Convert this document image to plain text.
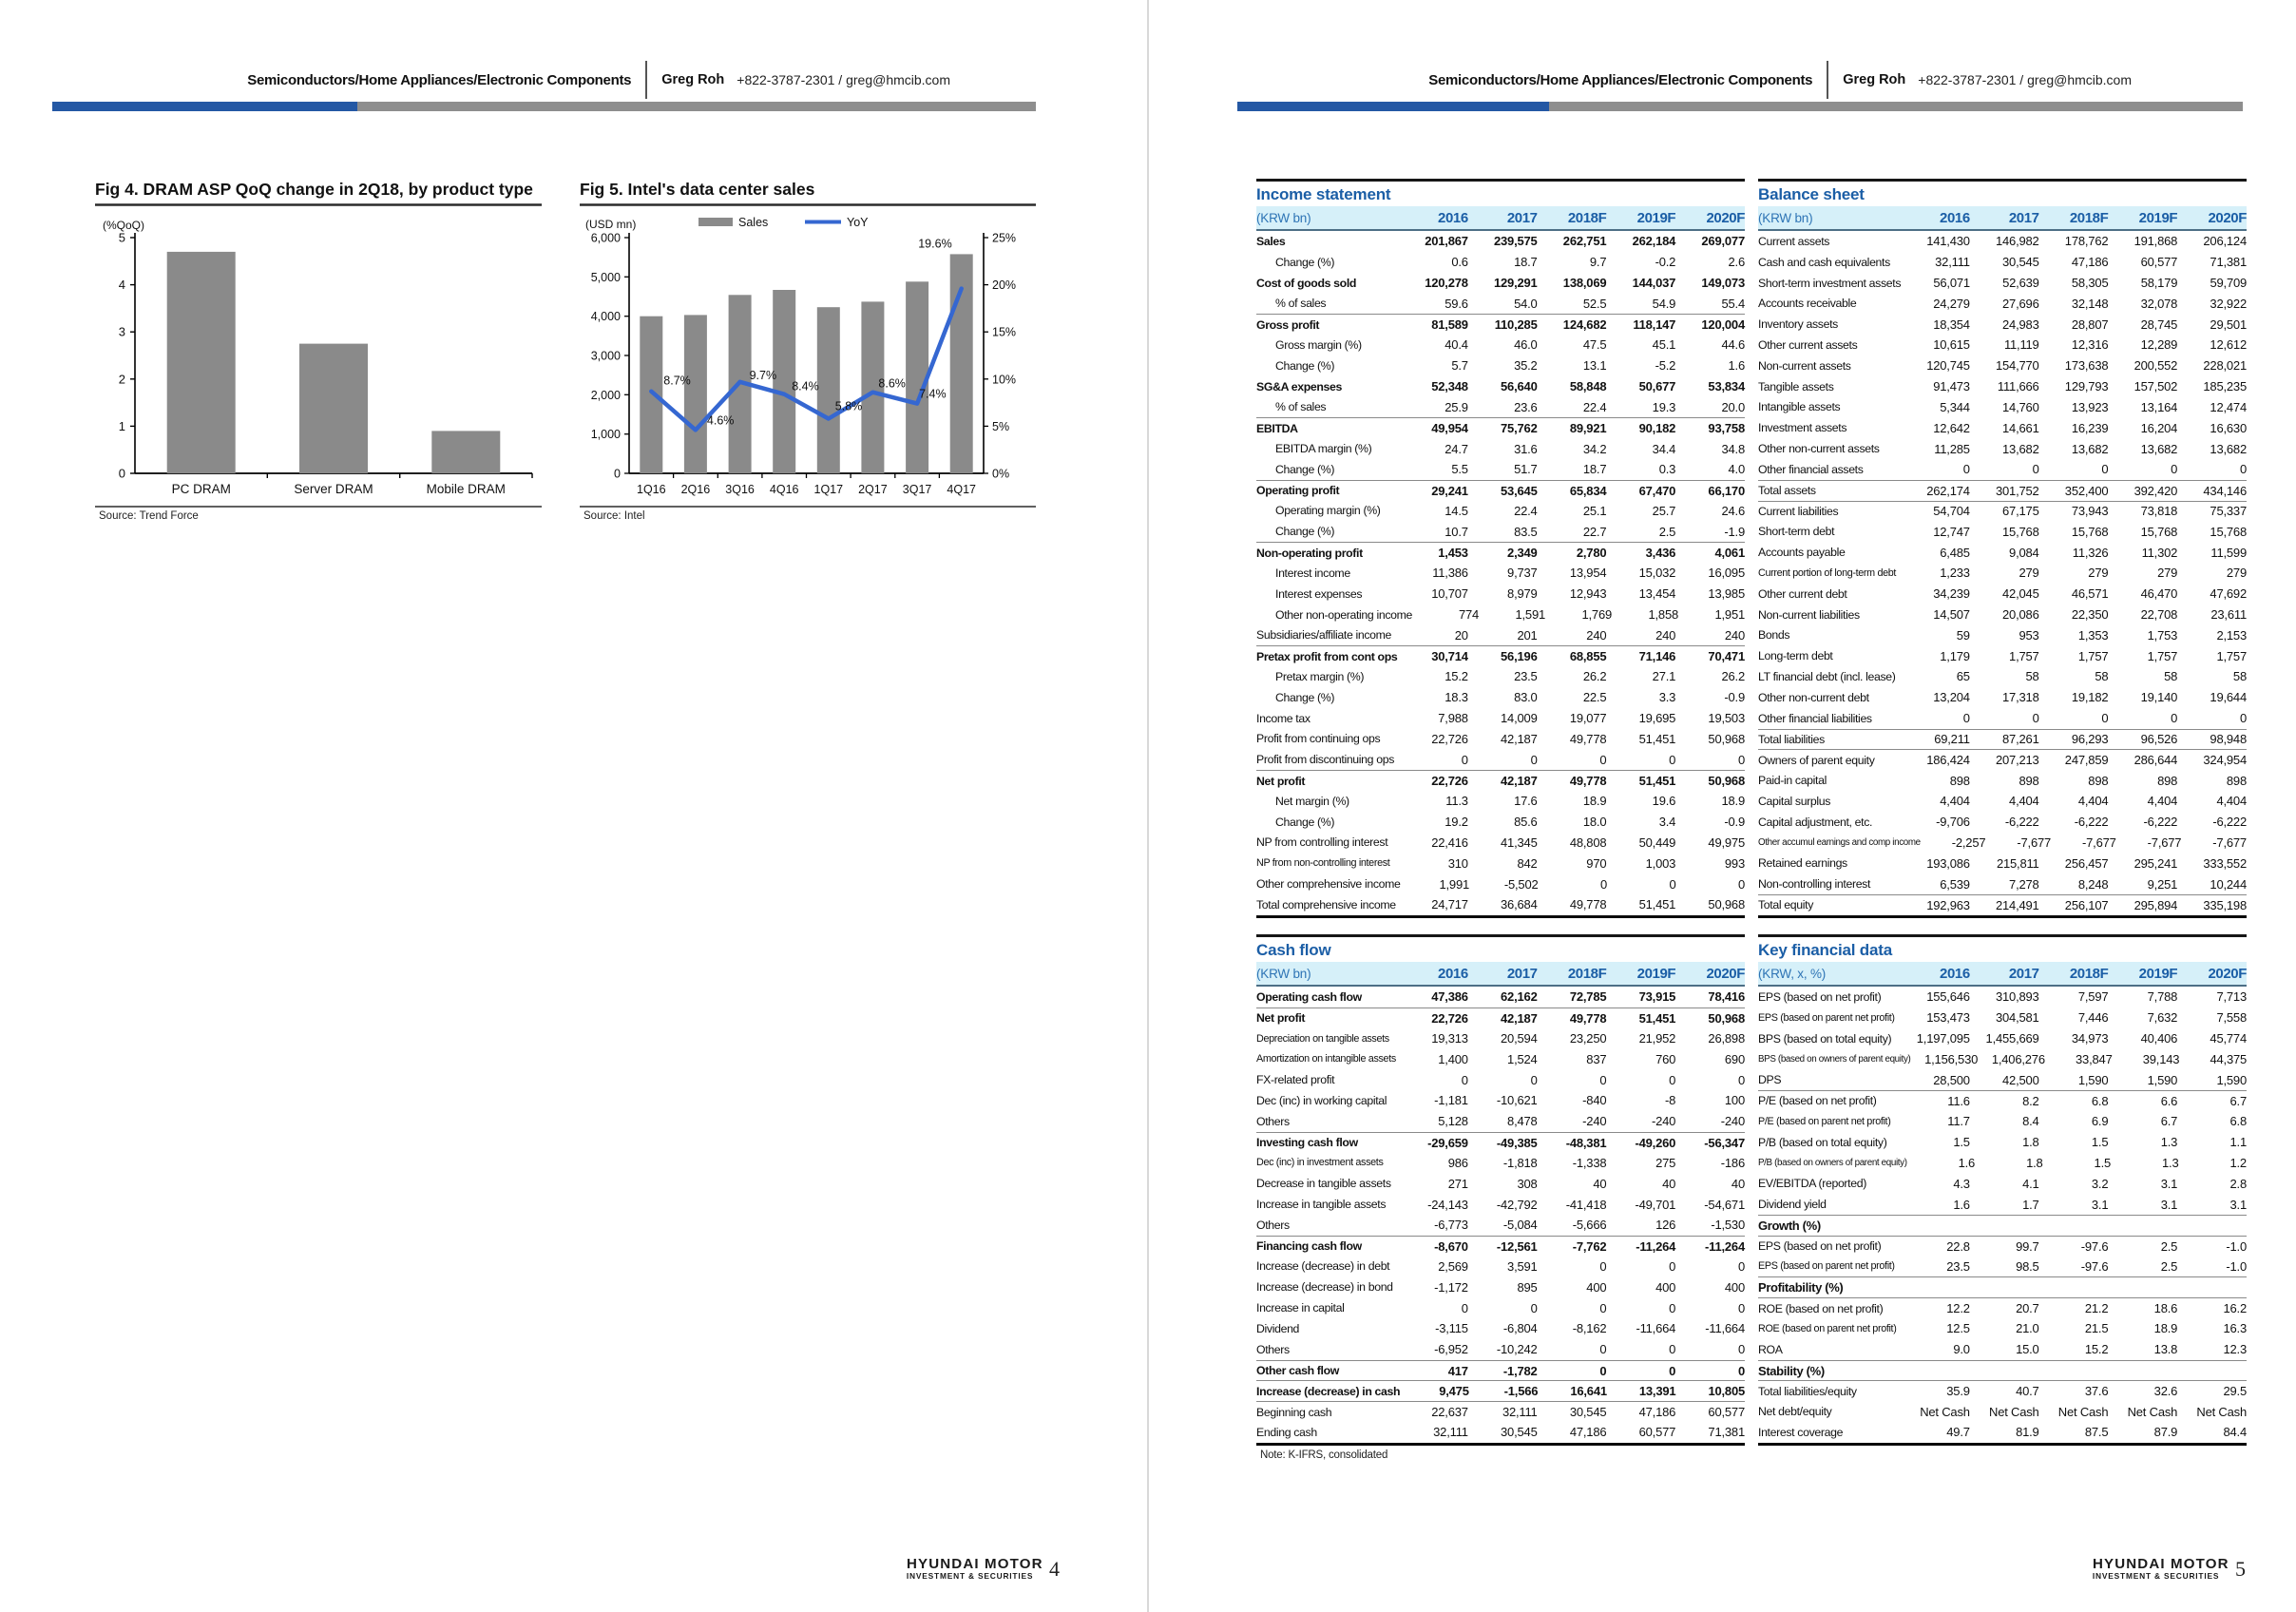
Semiconductors/Home Appliances/Electronic Components Greg Roh +822-3787-2301 / greg@hmcib.com
Fig 4. DRAM ASP QoQ change in 2Q18, by product type
(%QoQ)
0
1
2
3
4
5
PC DRAM	Server DRAM	Mobile DRAM
Source: Trend Force
Fig 5. Intel's data center sales
(USD mn)	Sales	YoY
0
1,000
2,000
3,000
4,000
5,000
6,000
0%
5%
10%
15%
20%
25%
1Q16 2Q16 3Q16 4Q16 1Q17 2Q17 3Q17 4Q17
8.7%
4.6%
9.7%
8.4%
5.8%
8.6%
7.4%
19.6%
Source: Intel
HYUNDAI MOTOR
INVESTMENT & SECURITIES 4
Semiconductors/Home Appliances/Electronic Components Greg Roh +822-3787-2301 / greg@hmcib.com
Income statement
(KRW bn)	2016	2017	2018F	2019F	2020F
Sales	201,867	239,575	262,751	262,184	269,077
Change (%)	0.6	18.7	9.7	-0.2	2.6
Cost of goods sold	120,278	129,291	138,069	144,037	149,073
% of sales	59.6	54.0	52.5	54.9	55.4
Gross profit	81,589	110,285	124,682	118,147	120,004
Gross margin (%)	40.4	46.0	47.5	45.1	44.6
Change (%)	5.7	35.2	13.1	-5.2	1.6
SG&A expenses	52,348	56,640	58,848	50,677	53,834
% of sales	25.9	23.6	22.4	19.3	20.0
EBITDA	49,954	75,762	89,921	90,182	93,758
EBITDA margin (%)	24.7	31.6	34.2	34.4	34.8
Change (%)	5.5	51.7	18.7	0.3	4.0
Operating profit	29,241	53,645	65,834	67,470	66,170
Operating margin (%)	14.5	22.4	25.1	25.7	24.6
Change (%)	10.7	83.5	22.7	2.5	-1.9
Non-operating profit	1,453	2,349	2,780	3,436	4,061
Interest income	11,386	9,737	13,954	15,032	16,095
Interest expenses	10,707	8,979	12,943	13,454	13,985
Other non-operating income	774	1,591	1,769	1,858	1,951
Subsidiaries/affiliate income	20	201	240	240	240
Pretax profit from cont ops	30,714	56,196	68,855	71,146	70,471
Pretax margin (%)	15.2	23.5	26.2	27.1	26.2
Change (%)	18.3	83.0	22.5	3.3	-0.9
Income tax	7,988	14,009	19,077	19,695	19,503
Profit from continuing ops	22,726	42,187	49,778	51,451	50,968
Profit from discontinuing ops	0	0	0	0	0
Net profit	22,726	42,187	49,778	51,451	50,968
Net margin (%)	11.3	17.6	18.9	19.6	18.9
Change (%)	19.2	85.6	18.0	3.4	-0.9
NP from controlling interest	22,416	41,345	48,808	50,449	49,975
NP from non-controlling interest	310	842	970	1,003	993
Other comprehensive income	1,991	-5,502	0	0	0
Total comprehensive income	24,717	36,684	49,778	51,451	50,968
Balance sheet
(KRW bn)	2016	2017	2018F	2019F	2020F
Current assets	141,430	146,982	178,762	191,868	206,124
Cash and cash equivalents	32,111	30,545	47,186	60,577	71,381
Short-term investment assets	56,071	52,639	58,305	58,179	59,709
Accounts receivable	24,279	27,696	32,148	32,078	32,922
Inventory assets	18,354	24,983	28,807	28,745	29,501
Other current assets	10,615	11,119	12,316	12,289	12,612
Non-current assets	120,745	154,770	173,638	200,552	228,021
Tangible assets	91,473	111,666	129,793	157,502	185,235
Intangible assets	5,344	14,760	13,923	13,164	12,474
Investment assets	12,642	14,661	16,239	16,204	16,630
Other non-current assets	11,285	13,682	13,682	13,682	13,682
Other financial assets	0	0	0	0	0
Total assets	262,174	301,752	352,400	392,420	434,146
Current liabilities	54,704	67,175	73,943	73,818	75,337
Short-term debt	12,747	15,768	15,768	15,768	15,768
Accounts payable	6,485	9,084	11,326	11,302	11,599
Current portion of long-term debt	1,233	279	279	279	279
Other current debt	34,239	42,045	46,571	46,470	47,692
Non-current liabilities	14,507	20,086	22,350	22,708	23,611
Bonds	59	953	1,353	1,753	2,153
Long-term debt	1,179	1,757	1,757	1,757	1,757
LT financial debt (incl. lease)	65	58	58	58	58
Other non-current debt	13,204	17,318	19,182	19,140	19,644
Other financial liabilities	0	0	0	0	0
Total liabilities	69,211	87,261	96,293	96,526	98,948
Owners of parent equity	186,424	207,213	247,859	286,644	324,954
Paid-in capital	898	898	898	898	898
Capital surplus	4,404	4,404	4,404	4,404	4,404
Capital adjustment, etc.	-9,706	-6,222	-6,222	-6,222	-6,222
Other accumul earnings and comp income	-2,257	-7,677	-7,677	-7,677	-7,677
Retained earnings	193,086	215,811	256,457	295,241	333,552
Non-controlling interest	6,539	7,278	8,248	9,251	10,244
Total equity	192,963	214,491	256,107	295,894	335,198
Cash flow
(KRW bn)	2016	2017	2018F	2019F	2020F
Operating cash flow	47,386	62,162	72,785	73,915	78,416
Net profit	22,726	42,187	49,778	51,451	50,968
Depreciation on tangible assets	19,313	20,594	23,250	21,952	26,898
Amortization on intangible assets	1,400	1,524	837	760	690
FX-related profit	0	0	0	0	0
Dec (inc) in working capital	-1,181	-10,621	-840	-8	100
Others	5,128	8,478	-240	-240	-240
Investing cash flow	-29,659	-49,385	-48,381	-49,260	-56,347
Dec (inc) in investment assets	986	-1,818	-1,338	275	-186
Decrease in tangible assets	271	308	40	40	40
Increase in tangible assets	-24,143	-42,792	-41,418	-49,701	-54,671
Others	-6,773	-5,084	-5,666	126	-1,530
Financing cash flow	-8,670	-12,561	-7,762	-11,264	-11,264
Increase (decrease) in debt	2,569	3,591	0	0	0
Increase (decrease) in bond	-1,172	895	400	400	400
Increase in capital	0	0	0	0	0
Dividend	-3,115	-6,804	-8,162	-11,664	-11,664
Others	-6,952	-10,242	0	0	0
Other cash flow	417	-1,782	0	0	0
Increase (decrease) in cash	9,475	-1,566	16,641	13,391	10,805
Beginning cash	22,637	32,111	30,545	47,186	60,577
Ending cash	32,111	30,545	47,186	60,577	71,381
Note: K-IFRS, consolidated
Key financial data
(KRW, x, %)	2016	2017	2018F	2019F	2020F
EPS (based on net profit)	155,646	310,893	7,597	7,788	7,713
EPS (based on parent net profit)	153,473	304,581	7,446	7,632	7,558
BPS (based on total equity)	1,197,095	1,455,669	34,973	40,406	45,774
BPS (based on owners of parent equity)	1,156,530	1,406,276	33,847	39,143	44,375
DPS	28,500	42,500	1,590	1,590	1,590
P/E (based on net profit)	11.6	8.2	6.8	6.6	6.7
P/E (based on parent net profit)	11.7	8.4	6.9	6.7	6.8
P/B (based on total equity)	1.5	1.8	1.5	1.3	1.1
P/B (based on owners of parent equity)	1.6	1.8	1.5	1.3	1.2
EV/EBITDA (reported)	4.3	4.1	3.2	3.1	2.8
Dividend yield	1.6	1.7	3.1	3.1	3.1
Growth (%)
EPS (based on net profit)	22.8	99.7	-97.6	2.5	-1.0
EPS (based on parent net profit)	23.5	98.5	-97.6	2.5	-1.0
Profitability (%)
ROE (based on net profit)	12.2	20.7	21.2	18.6	16.2
ROE (based on parent net profit)	12.5	21.0	21.5	18.9	16.3
ROA	9.0	15.0	15.2	13.8	12.3
Stability (%)
Total liabilities/equity	35.9	40.7	37.6	32.6	29.5
Net debt/equity	Net Cash	Net Cash	Net Cash	Net Cash	Net Cash
Interest coverage	49.7	81.9	87.5	87.9	84.4
HYUNDAI MOTOR
INVESTMENT & SECURITIES 5
